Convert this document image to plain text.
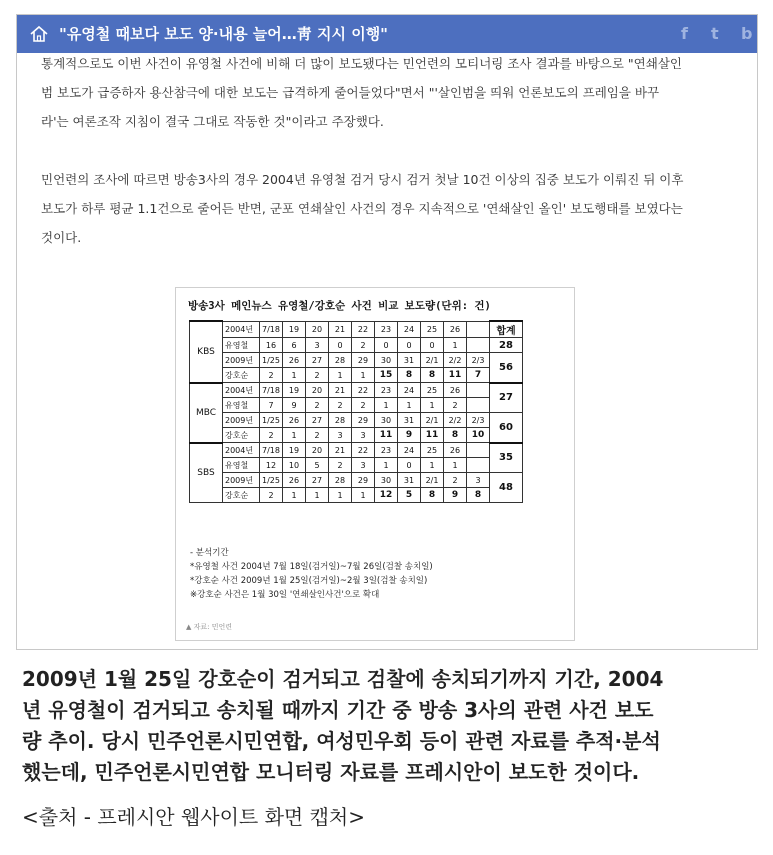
"유영철 때보다 보도 양·내용 늘어…靑 지시 이행"	f t b
통계적으로도 이번 사건이 유영철 사건에 비해 더 많이 보도됐다는 민언련의 모티너링 조사 결과를 바탕으로 "연쇄살인
범 보도가 급증하자 용산참극에 대한 보도는 급격하게 줄어들었다"면서 "'살인범을 띄워 언론보도의 프레임을 바꾸
라'는 여론조작 지침이 결국 그대로 작동한 것"이라고 주장했다.
민언련의 조사에 따르면 방송3사의 경우 2004년 유영철 검거 당시 검거 첫날 10건 이상의 집중 보도가 이뤄진 뒤 이후
보도가 하루 평균 1.1건으로 줄어든 반면, 군포 연쇄살인 사건의 경우 지속적으로 '연쇄살인 올인' 보도행태를 보였다는
것이다.
방송3사 메인뉴스 유영철/강호순 사건 비교 보도량(단위: 건)
KBS	2004년	7/18	19	20	21	22	23	24	25	26		합계
	유영철	16	6	3	0	2	0	0	0	1		28
	2009년	1/25	26	27	28	29	30	31	2/1	2/2	2/3	56
	강호순	2	1	2	1	1	15	8	8	11	7	
MBC	2004년	7/18	19	20	21	22	23	24	25	26		27
	유영철	7	9	2	2	2	1	1	1	2		
	2009년	1/25	26	27	28	29	30	31	2/1	2/2	2/3	60
	강호순	2	1	2	3	3	11	9	11	8	10	
SBS	2004년	7/18	19	20	21	22	23	24	25	26		35
	유영철	12	10	5	2	3	1	0	1	1		
	2009년	1/25	26	27	28	29	30	31	2/1	2	3	48
	강호순	2	1	1	1	1	12	5	8	9	8	
- 분석기간
*유영철 사건 2004년 7월 18일(검거일)~7월 26일(검찰 송치일)
*강호순 사건 2009년 1월 25일(검거일)~2월 3일(검찰 송치일)
※강호순 사건은 1월 30일 '연쇄살인사건'으로 확대
▲ 자료: 민언련
2009년 1월 25일 강호순이 검거되고 검찰에 송치되기까지 기간, 2004
년 유영철이 검거되고 송치될 때까지 기간 중 방송 3사의 관련 사건 보도
량 추이. 당시 민주언론시민연합, 여성민우회 등이 관련 자료를 추적·분석
했는데, 민주언론시민연합 모니터링 자료를 프레시안이 보도한 것이다.
<출처 - 프레시안 웹사이트 화면 캡처>
